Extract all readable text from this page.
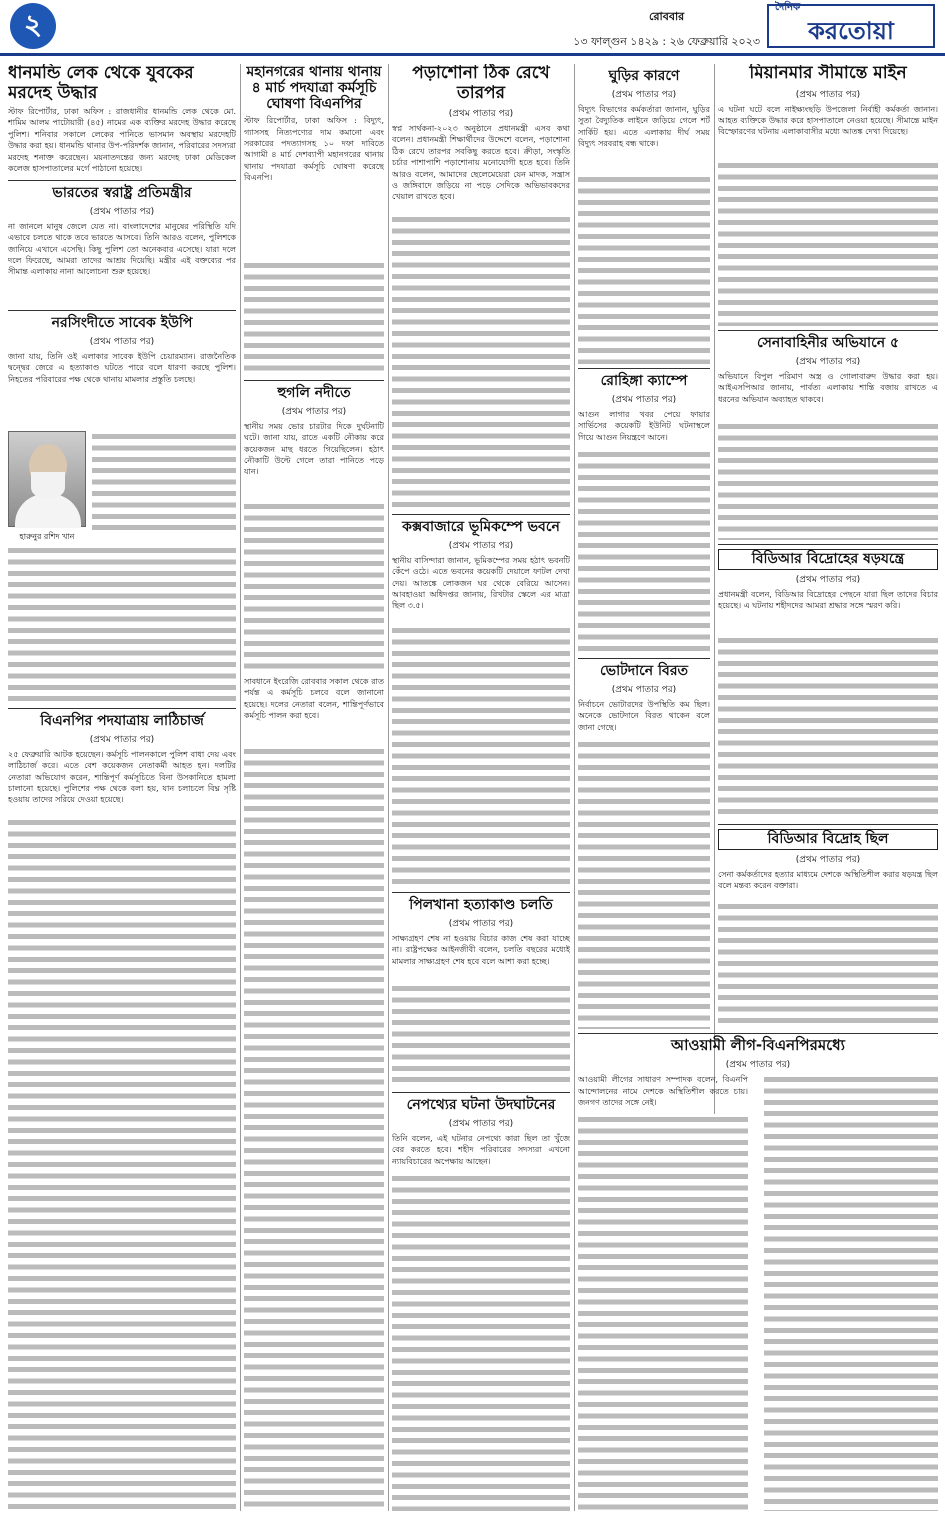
২	রোববার
১৩ ফাল্গুন ১৪২৯ : ২৬ ফেব্রুয়ারি ২০২৩
দৈনিক
করতোয়া
ধানমন্ডি লেক থেকে যুবকের মরদেহ উদ্ধার

স্টাফ রিপোর্টার, ঢাকা অফিস : রাজধানীর ধানমন্ডি লেক থেকে মো. শামিম আলম পাটোয়ারী (৪৫) নামের এক ব্যক্তির মরদেহ উদ্ধার করেছে পুলিশ। শনিবার সকালে লেকের পানিতে ভাসমান অবস্থায় মরদেহটি উদ্ধার করা হয়। ধানমন্ডি থানার উপ-পরিদর্শক জানান, পরিবারের সদস্যরা মরদেহ শনাক্ত করেছেন। ময়নাতদন্তের জন্য মরদেহ ঢাকা মেডিকেল কলেজ হাসপাতালের মর্গে পাঠানো হয়েছে।

ভারতের স্বরাষ্ট্র প্রতিমন্ত্রীর
(প্রথম পাতার পর)

না জানলে মানুষ জেলে যেত না। বাংলাদেশের মানুষের পরিস্থিতি যদি এভাবে চলতে থাকে তবে ভারতে আসবে। তিনি আরও বলেন, পুলিশকে জানিয়ে এখানে এসেছি। কিছু পুলিশ তো অনেকবার এসেছে। যারা দলে দলে ফিরেছে, আমরা তাদের আশ্রয় দিয়েছি। মন্ত্রীর এই বক্তব্যের পর সীমান্ত এলাকায় নানা আলোচনা শুরু হয়েছে।

নরসিংদীতে সাবেক ইউপি
(প্রথম পাতার পর)

জানা যায়, তিনি ওই এলাকার সাবেক ইউপি চেয়ারম্যান। রাজনৈতিক দ্বন্দ্বের জেরে এ হত্যাকাণ্ড ঘটতে পারে বলে ধারণা করছে পুলিশ। নিহতের পরিবারের পক্ষ থেকে থানায় মামলার প্রস্তুতি চলছে।

হারুনুর রশিদ খান
বিএনপির পদযাত্রায় লাঠিচার্জ
(প্রথম পাতার পর)

২৫ ফেব্রুয়ারি আটক হয়েছেন। কর্মসূচি পালনকালে পুলিশ বাধা দেয় এবং লাঠিচার্জ করে। এতে বেশ কয়েকজন নেতাকর্মী আহত হন। দলটির নেতারা অভিযোগ করেন, শান্তিপূর্ণ কর্মসূচিতে বিনা উসকানিতে হামলা চালানো হয়েছে। পুলিশের পক্ষ থেকে বলা হয়, যান চলাচলে বিঘ্ন সৃষ্টি হওয়ায় তাদের সরিয়ে দেওয়া হয়েছে।

মহানগরের থানায় থানায় ৪ মার্চ পদযাত্রা কর্মসূচি ঘোষণা বিএনপির

স্টাফ রিপোর্টার, ঢাকা অফিস : বিদ্যুৎ, গ্যাসসহ নিত্যপণ্যের দাম কমানো এবং সরকারের পদত্যাগসহ ১০ দফা দাবিতে আগামী ৪ মার্চ দেশব্যাপী মহানগরের থানায় থানায় পদযাত্রা কর্মসূচি ঘোষণা করেছে বিএনপি।

হুগলি নদীতে
(প্রথম পাতার পর)

স্থানীয় সময় ভোর চারটার দিকে দুর্ঘটনাটি ঘটে। জানা যায়, রাতে একটি নৌকায় করে কয়েকজন মাছ ধরতে গিয়েছিলেন। হঠাৎ নৌকাটি উল্টে গেলে তারা পানিতে পড়ে যান।

সাবধানে ইংরেজি রোববার সকাল থেকে রাত পর্যন্ত এ কর্মসূচি চলবে বলে জানানো হয়েছে। দলের নেতারা বলেন, শান্তিপূর্ণভাবে কর্মসূচি পালন করা হবে।

পড়াশোনা ঠিক রেখে তারপর
(প্রথম পাতার পর)

স্বপ্ন সার্থকনা-২০২৩ অনুষ্ঠানে প্রধানমন্ত্রী এসব কথা বলেন। প্রধানমন্ত্রী শিক্ষার্থীদের উদ্দেশে বলেন, পড়াশোনা ঠিক রেখে তারপর সবকিছু করতে হবে। ক্রীড়া, সংস্কৃতি চর্চার পাশাপাশি পড়াশোনায় মনোযোগী হতে হবে। তিনি আরও বলেন, আমাদের ছেলেমেয়েরা যেন মাদক, সন্ত্রাস ও জঙ্গিবাদে জড়িয়ে না পড়ে সেদিকে অভিভাবকদের খেয়াল রাখতে হবে।

কক্সবাজারে ভূমিকম্পে ভবনে
(প্রথম পাতার পর)

স্থানীয় বাসিন্দারা জানান, ভূমিকম্পের সময় হঠাৎ ভবনটি কেঁপে ওঠে। এতে ভবনের কয়েকটি দেয়ালে ফাটল দেখা দেয়। আতঙ্কে লোকজন ঘর থেকে বেরিয়ে আসেন। আবহাওয়া অধিদপ্তর জানায়, রিখটার স্কেলে এর মাত্রা ছিল ৩.৫।

পিলখানা হত্যাকাণ্ড চলতি
(প্রথম পাতার পর)

সাক্ষ্যগ্রহণ শেষ না হওয়ায় বিচার কাজ শেষ করা যাচ্ছে না। রাষ্ট্রপক্ষের আইনজীবী বলেন, চলতি বছরের মধ্যেই মামলার সাক্ষ্যগ্রহণ শেষ হবে বলে আশা করা হচ্ছে।

নেপথ্যের ঘটনা উদঘাটনের
(প্রথম পাতার পর)

তিনি বলেন, এই ঘটনার নেপথ্যে কারা ছিল তা খুঁজে বের করতে হবে। শহীদ পরিবারের সদস্যরা এখনো ন্যায়বিচারের অপেক্ষায় আছেন।

ঘুড়ির কারণে
(প্রথম পাতার পর)

বিদ্যুৎ বিভাগের কর্মকর্তারা জানান, ঘুড়ির সুতা বৈদ্যুতিক লাইনে জড়িয়ে গেলে শর্ট সার্কিট হয়। এতে এলাকায় দীর্ঘ সময় বিদ্যুৎ সরবরাহ বন্ধ থাকে।

রোহিঙ্গা ক্যাম্পে
(প্রথম পাতার পর)

আগুন লাগার খবর পেয়ে ফায়ার সার্ভিসের কয়েকটি ইউনিট ঘটনাস্থলে গিয়ে আগুন নিয়ন্ত্রণে আনে।

ভোটদানে বিরত
(প্রথম পাতার পর)

নির্বাচনে ভোটারদের উপস্থিতি কম ছিল। অনেকে ভোটদানে বিরত থাকেন বলে জানা গেছে।

মিয়ানমার সীমান্তে মাইন
(প্রথম পাতার পর)

এ ঘটনা ঘটে বলে নাইক্ষ্যংছড়ি উপজেলা নির্বাহী কর্মকর্তা জানান। আহত ব্যক্তিকে উদ্ধার করে হাসপাতালে নেওয়া হয়েছে। সীমান্তে মাইন বিস্ফোরণের ঘটনায় এলাকাবাসীর মধ্যে আতঙ্ক দেখা দিয়েছে।

সেনাবাহিনীর অভিযানে ৫
(প্রথম পাতার পর)

অভিযানে বিপুল পরিমাণ অস্ত্র ও গোলাবারুদ উদ্ধার করা হয়। আইএসপিআর জানায়, পার্বত্য এলাকায় শান্তি বজায় রাখতে এ ধরনের অভিযান অব্যাহত থাকবে।

বিডিআর বিদ্রোহের ষড়যন্ত্রে
(প্রথম পাতার পর)

প্রধানমন্ত্রী বলেন, বিডিআর বিদ্রোহের পেছনে যারা ছিল তাদের বিচার হয়েছে। এ ঘটনায় শহীদদের আমরা শ্রদ্ধার সঙ্গে স্মরণ করি।

বিডিআর বিদ্রোহ ছিল
(প্রথম পাতার পর)

সেনা কর্মকর্তাদের হত্যার মাধ্যমে দেশকে অস্থিতিশীল করার ষড়যন্ত্র ছিল বলে মন্তব্য করেন বক্তারা।

আওয়ামী লীগ-বিএনপিরমধ্যে
(প্রথম পাতার পর)

আওয়ামী লীগের সাধারণ সম্পাদক বলেন, বিএনপি আন্দোলনের নামে দেশকে অস্থিতিশীল করতে চায়। জনগণ তাদের সঙ্গে নেই।
